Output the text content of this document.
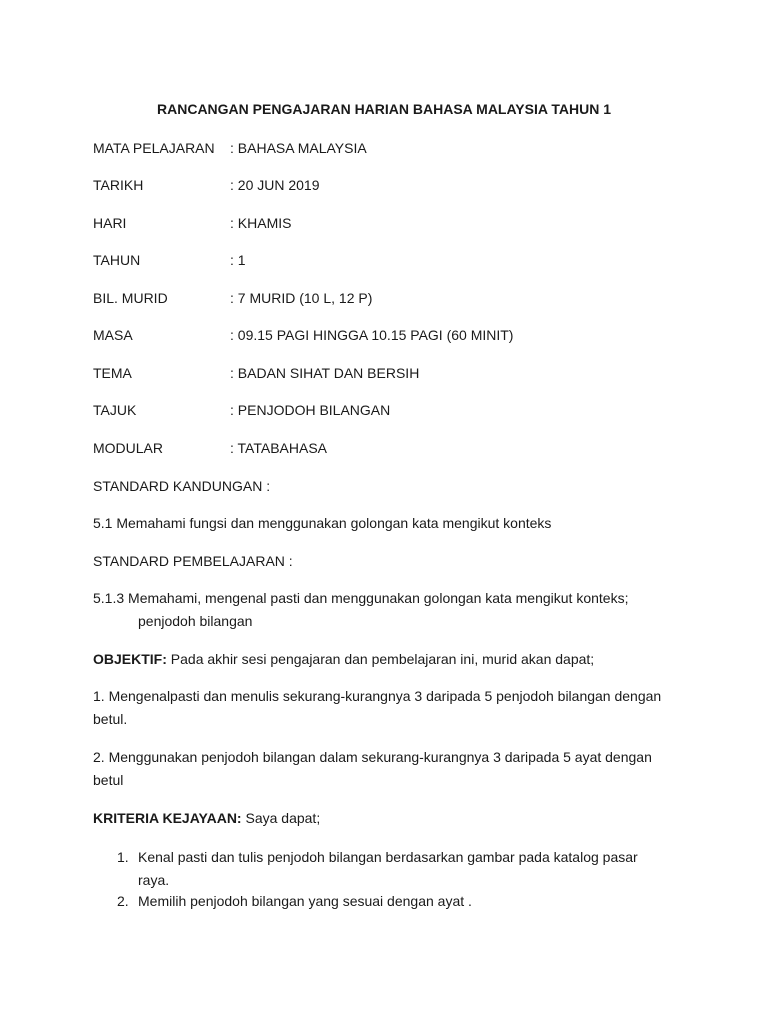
RANCANGAN PENGAJARAN HARIAN BAHASA MALAYSIA TAHUN 1
MATA PELAJARAN : BAHASA MALAYSIA
TARIKH	: 20 JUN 2019
HARI	: KHAMIS
TAHUN	: 1
BIL. MURID	: 7 MURID (10 L, 12 P)
MASA	: 09.15 PAGI HINGGA 10.15 PAGI (60 MINIT)
TEMA	: BADAN SIHAT DAN BERSIH
TAJUK	: PENJODOH BILANGAN
MODULAR	: TATABAHASA
STANDARD KANDUNGAN :
5.1 Memahami fungsi dan menggunakan golongan kata mengikut konteks
STANDARD PEMBELAJARAN :
5.1.3 Memahami, mengenal pasti dan menggunakan golongan kata mengikut konteks;
penjodoh bilangan
OBJEKTIF: Pada akhir sesi pengajaran dan pembelajaran ini, murid akan dapat;
1. Mengenalpasti dan menulis sekurang-kurangnya 3 daripada 5 penjodoh bilangan dengan
betul.
2. Menggunakan penjodoh bilangan dalam sekurang-kurangnya 3 daripada 5 ayat dengan
betul
KRITERIA KEJAYAAN: Saya dapat;
1. Kenal pasti dan tulis penjodoh bilangan berdasarkan gambar pada katalog pasar
raya.
2. Memilih penjodoh bilangan yang sesuai dengan ayat .
